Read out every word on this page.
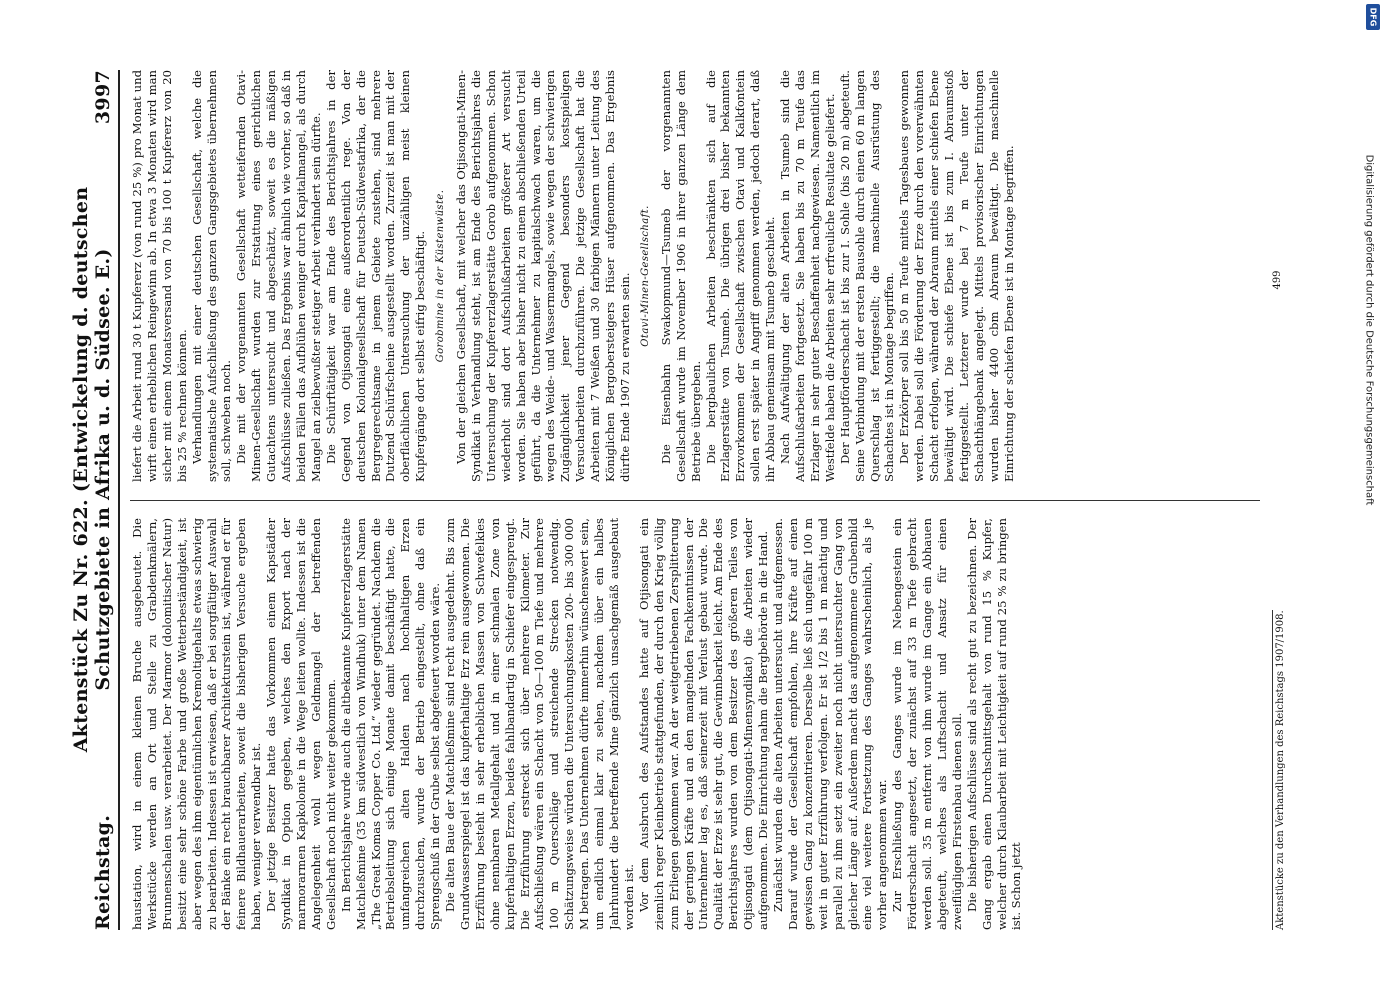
Reichstag.
Aktenstück Zu Nr. 622. (Entwickelung d. deutschen Schutzgebiete in Afrika u. d. Südsee. E.)
3997

haustation, wird in einem kleinen Bruche ausgebeutet. Die Werkstücke werden an Ort und Stelle zu Grabdenkmälern, Brunnenschalen usw. verarbeitet. Der Marmor (dolomitischer Natur) besitzt eine sehr schöne Farbe und große Wetterbeständigkeit, ist aber wegen des ihm eigentümlichen Kremoltigehalts etwas schwierig zu bearbeiten. Indessen ist erwiesen, daß er bei sorgfältiger Auswahl der Bänke ein recht brauchbarer Architekturstein ist, während er für feinere Bildhauerarbeiten, soweit die bisherigen Versuche ergeben haben, weniger verwendbar ist. Der jetzige Besitzer hatte das Vorkommen einem Kapstädter Syndikat in Option gegeben, welches den Export nach der marmorarmen Kapkolonie in die Wege leiten wollte. Indessen ist die Angelegenheit wohl wegen Geldmangel der betreffenden Gesellschaft noch nicht weiter gekommen. Im Berichtsjahre wurde auch die altbekannte Kupfererzlagerstätte Matchleßmine (35 km südwestlich von Windhuk) unter dem Namen „The Great Komas Copper Co. Ltd.“ wieder gegründet. Nachdem die Betriebsleitung sich einige Monate damit beschäftigt hatte, die umfangreichen alten Halden nach hochhaltigen Erzen durchzusuchen, wurde der Betrieb eingestellt, ohne daß ein Sprengschuß in der Grube selbst abgefeuert worden wäre. Die alten Baue der Matchleßmine sind recht ausgedehnt. Bis zum Grundwasserspiegel ist das kupferhaltige Erz rein ausgewonnen. Die Erzführung besteht in sehr erheblichen Massen von Schwefelkies ohne nennbaren Metallgehalt und in einer schmalen Zone von kupferhaltigen Erzen, beides fahlbandartig in Schiefer eingesprengt. Die Erzführung erstreckt sich über mehrere Kilometer. Zur Aufschließung wären ein Schacht von 50—100 m Tiefe und mehrere 100 m Querschläge und streichende Strecken notwendig. Schätzungsweise würden die Untersuchungskosten 200- bis 300 000 M betragen. Das Unternehmen dürfte immerhin wünschenswert sein, um endlich einmal klar zu sehen, nachdem über ein halbes Jahrhundert die betreffende Mine gänzlich unsachgemäß ausgebaut worden ist. Vor dem Ausbruch des Aufstandes hatte auf Otjisongati ein ziemlich reger Kleinbetrieb stattgefunden, der durch den Krieg völlig zum Erliegen gekommen war. An der weitgetriebenen Zersplitterung der geringen Kräfte und an den mangelnden Fachkenntnissen der Unternehmer lag es, daß seinerzeit mit Verlust gebaut wurde. Die Qualität der Erze ist sehr gut, die Gewinnbarkeit leicht. Am Ende des Berichtsjahres wurden von dem Besitzer des größeren Teiles von Otjisongati (dem Otjisongati-Minensyndikat) die Arbeiten wieder aufgenommen. Die Einrichtung nahm die Bergbehörde in die Hand. Zunächst wurden die alten Arbeiten untersucht und aufgemessen. Darauf wurde der Gesellschaft empfohlen, ihre Kräfte auf einen gewissen Gang zu konzentrieren. Derselbe ließ sich ungefähr 100 m weit in guter Erzführung verfolgen. Er ist 1/2 bis 1 m mächtig und parallel zu ihm setzt ein zweiter noch nicht untersuchter Gang von gleicher Länge auf. Außerdem macht das aufgenommene Grubenbild eine viel weitere Fortsetzung des Ganges wahrscheinlich, als je vorher angenommen war. Zur Erschließung des Ganges wurde im Nebengestein ein Förderschacht angesetzt, der zunächst auf 33 m Tiefe gebracht werden soll. 35 m entfernt von ihm wurde im Gange ein Abhauen abgeteuft, welches als Luftschacht und Ansatz für einen zweiflügligen Firstenbau dienen soll. Die bisherigen Aufschlüsse sind als recht gut zu bezeichnen. Der Gang ergab einen Durchschnittsgehalt von rund 15 % Kupfer, welcher durch Klaubarbeit mit Leichtigkeit auf rund 25 % zu bringen ist. Schon jetzt

liefert die Arbeit rund 30 t Kupfererz (von rund 25 %) pro Monat und wirft einen erheblichen Reingewinn ab. In etwa 3 Monaten wird man sicher mit einem Monatsversand von 70 bis 100 t Kupfererz von 20 bis 25 % rechnen können. Verhandlungen mit einer deutschen Gesellschaft, welche die systematische Aufschließung des ganzen Gangsgebietes übernehmen soll, schweben noch. Die mit der vorgenannten Gesellschaft wetteifernden Otavi-Minen-Gesellschaft wurden zur Erstattung eines gerichtlichen Gutachtens untersucht und abgeschätzt, soweit es die mäßigen Aufschlüsse zuließen. Das Ergebnis war ähnlich wie vorher, so daß in beiden Fällen das Aufblühen weniger durch Kapitalmangel, als durch Mangel an zielbewußter stetiger Arbeit verhindert sein dürfte. Die Schürftätigkeit war am Ende des Berichtsjahres in der Gegend von Otjisongati eine außerordentlich rege. Von der deutschen Kolonialgesellschaft für Deutsch-Südwestafrika, der die Bergregerechtsame in jenem Gebiete zustehen, sind mehrere Dutzend Schürfscheine ausgestellt worden. Zurzeit ist man mit der oberflächlichen Untersuchung der unzähligen meist kleinen Kupfergänge dort selbst eifrig beschäftigt. Gorobmine in der Küstenwüste. Von der gleichen Gesellschaft, mit welcher das Otjisongati-Minen-Syndikat in Verhandlung steht, ist am Ende des Berichtsjahres die Untersuchung der Kupfererzlagerstätte Gorob aufgenommen. Schon wiederholt sind dort Aufschlußarbeiten größerer Art versucht worden. Sie haben aber bisher nicht zu einem abschließenden Urteil geführt, da die Unternehmer zu kapitalschwach waren, um die wegen des Weide- und Wassermangels, sowie wegen der schwierigen Zugänglichkeit jener Gegend besonders kostspieligen Versucharbeiten durchzuführen. Die jetzige Gesellschaft hat die Arbeiten mit 7 Weißen und 30 farbigen Männern unter Leitung des Königlichen Bergobersteigers Hüser aufgenommen. Das Ergebnis dürfte Ende 1907 zu erwarten sein. Otavi-Minen-Gesellschaft. Die Eisenbahn Swakopmund—Tsumeb der vorgenannten Gesellschaft wurde im November 1906 in ihrer ganzen Länge dem Betriebe übergeben. Die bergbaulichen Arbeiten beschränkten sich auf die Erzlagerstätte von Tsumeb. Die übrigen drei bisher bekannten Erzvorkommen der Gesellschaft zwischen Otavi und Kalkfontein sollen erst später in Angriff genommen werden, jedoch derart, daß ihr Abbau gemeinsam mit Tsumeb geschieht. Nach Aufwältigung der alten Arbeiten in Tsumeb sind die Aufschlußarbeiten fortgesetzt. Sie haben bis zu 70 m Teufe das Erzlager in sehr guter Beschaffenheit nachgewiesen. Namentlich im Westfelde haben die Arbeiten sehr erfreuliche Resultate geliefert. Der Hauptförderschacht ist bis zur I. Sohle (bis 20 m) abgeteuft. Seine Verbindung mit der ersten Bausohle durch einen 60 m langen Querschlag ist fertiggestellt; die maschinelle Ausrüstung des Schachtes ist in Montage begriffen. Der Erzkörper soll bis 50 m Teufe mittels Tagesbaues gewonnen werden. Dabei soll die Förderung der Erze durch den vorerwähnten Schacht erfolgen, während der Abraum mittels einer schiefen Ebene bewältigt wird. Die schiefe Ebene ist bis zum I. Abraumstoß fertiggestellt. Letzterer wurde bei 7 m Teufe unter der Schachthängebank angelegt. Mittels provisorischer Einrichtungen wurden bisher 4400 cbm Abraum bewältigt. Die maschinelle Einrichtung der schiefen Ebene ist in Montage begriffen.

Aktenstücke zu den Verhandlungen des Reichstags 1907/1908.
499
DFG
Digitalisierung gefördert durch die Deutsche Forschungsgemeinschaft
